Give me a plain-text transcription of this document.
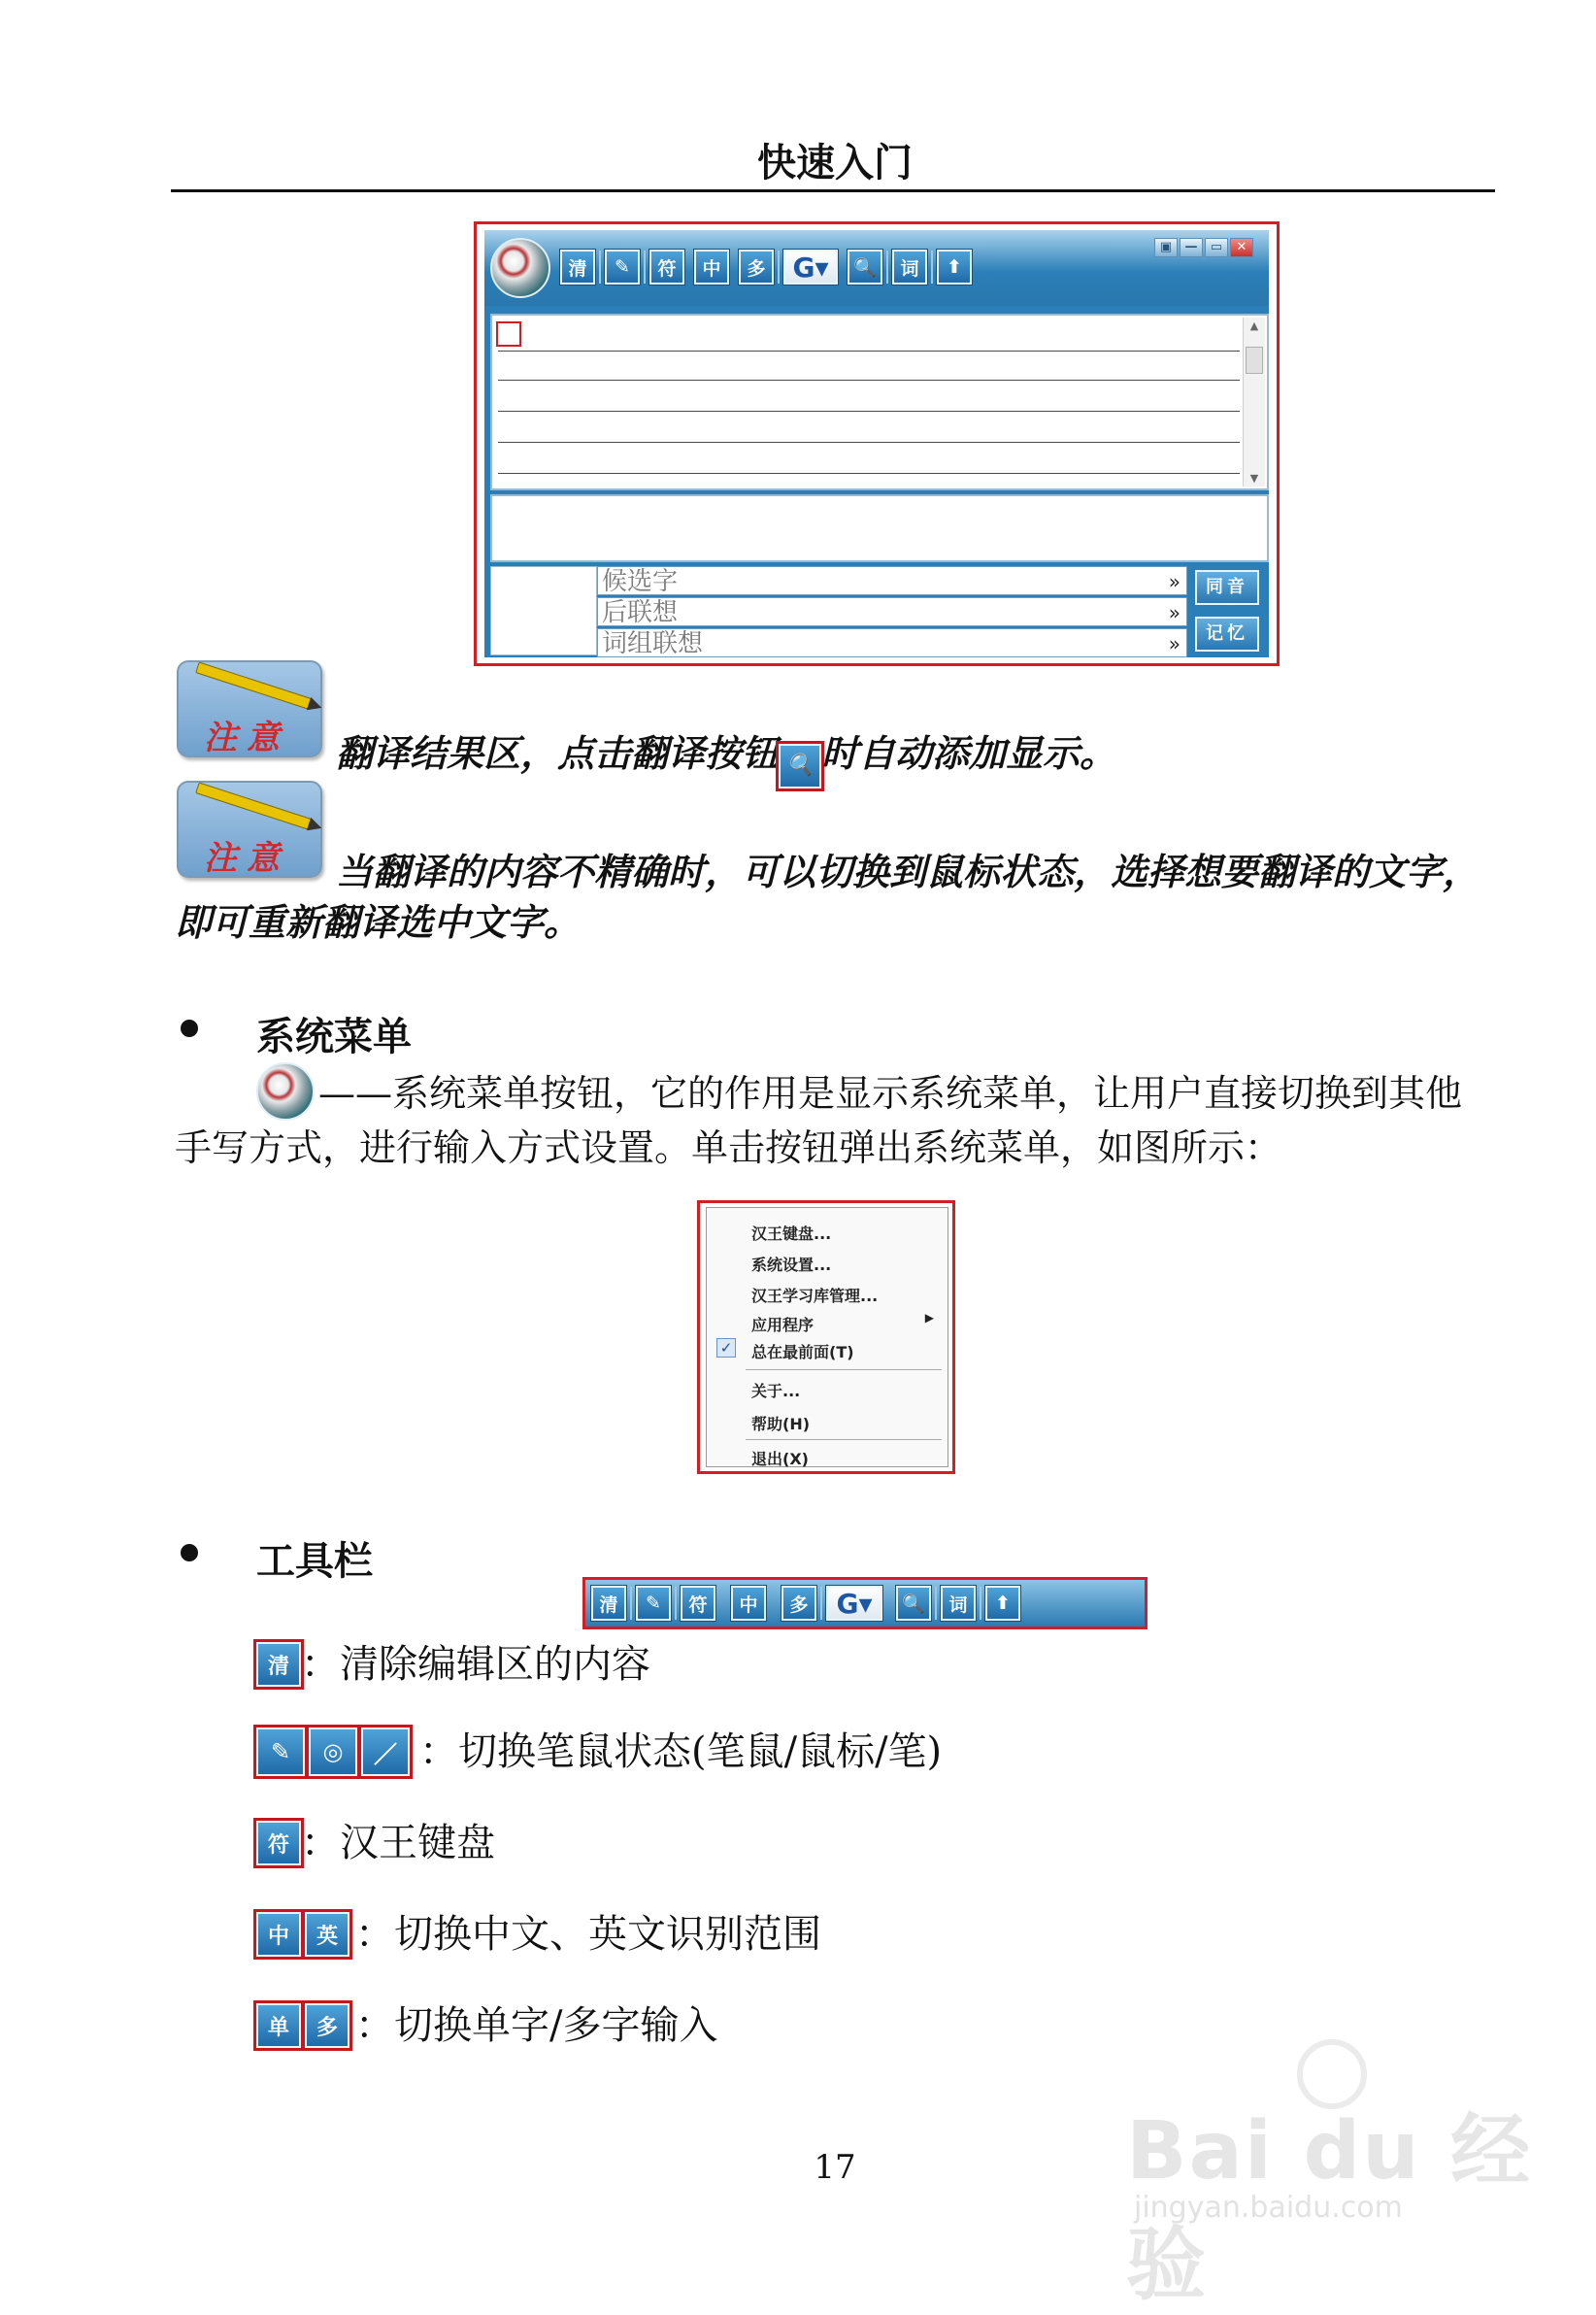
快速入门
清	✎	符	中	多 G▾	🔍	词	⬆
▣	—	▭	✕
▲
▼
候选字	»
后联想	»
词组联想	»
同音
记忆
注意 翻译结果区，点击翻译按钮 🔍 时自动添加显示。
注意	当翻译的内容不精确时，可以切换到鼠标状态，选择想要翻译的文字，即可重新翻译选中文字。
系统菜单
——系统菜单按钮，它的作用是显示系统菜单，让用户直接切换到其他手写方式，进行输入方式设置。单击按钮弹出系统菜单，如图所示：
汉王键盘...
系统设置...
汉王学习库管理...
应用程序	▶
✓ 总在最前面(T)
关于...
帮助(H)
退出(X)
工具栏
清	✎	符	中	多	G▾	🔍	词	⬆
清 ：清除编辑区的内容
✎	◎	／ ：切换笔鼠状态(笔鼠/鼠标/笔)
符 ：汉王键盘
中	英 ：切换中文、英文识别范围
单	多 ：切换单字/多字输入
17	Bai du 经验
jingyan.baidu.com
